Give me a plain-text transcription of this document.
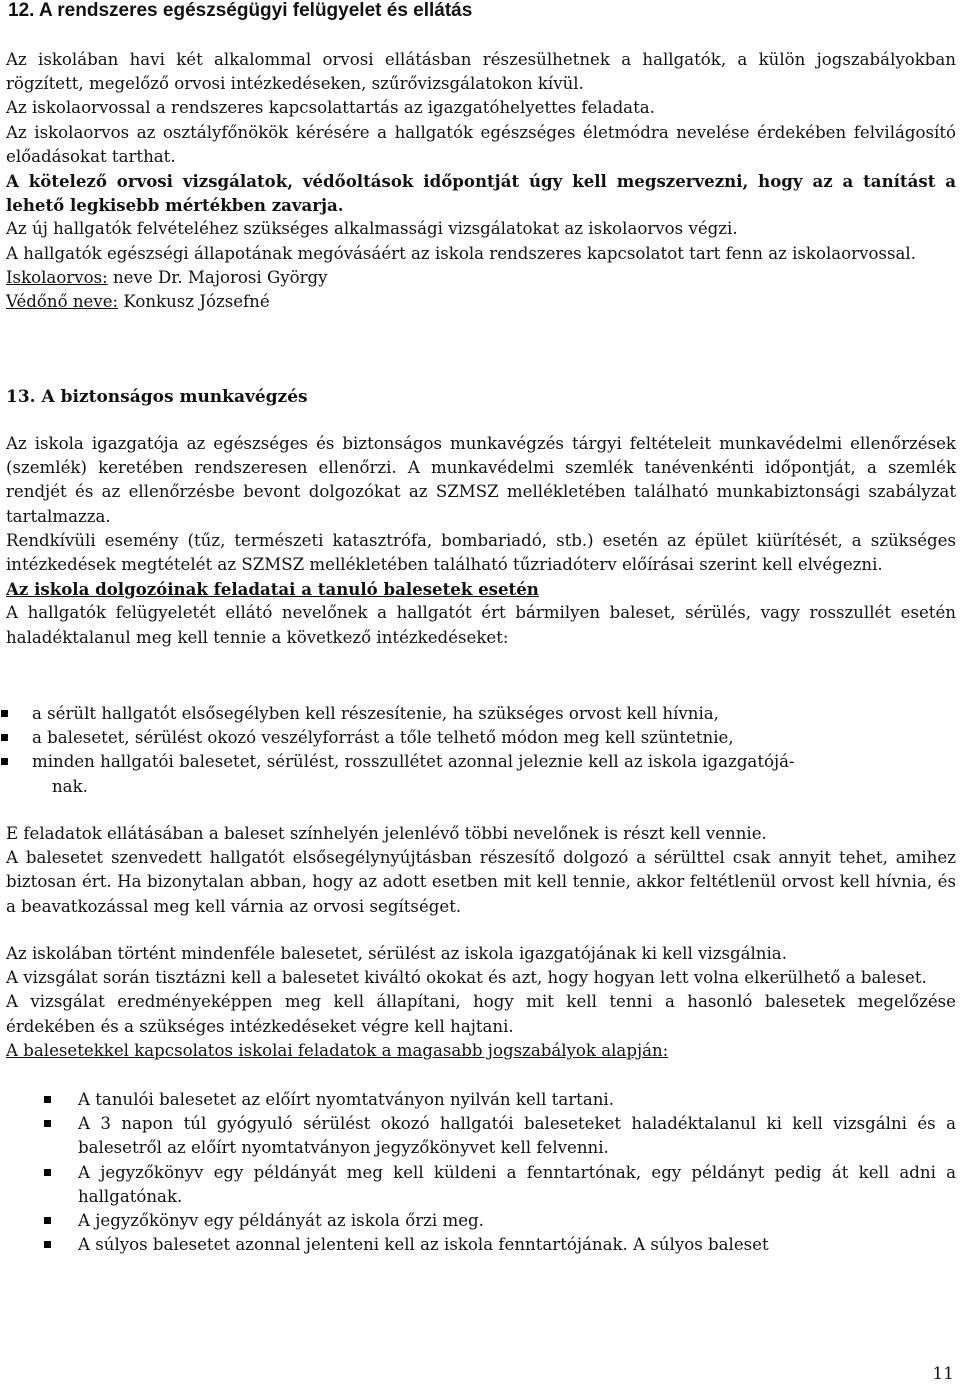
12. A rendszeres egészségügyi felügyelet és ellátás

Az iskolában havi két alkalommal orvosi ellátásban részesülhetnek a hallgatók, a külön jogszabályokban rögzített, megelőző orvosi intézkedéseken, szűrővizsgálatokon kívül.

Az iskolaorvossal a rendszeres kapcsolattartás az igazgatóhelyettes feladata.

Az iskolaorvos az osztályfőnökök kérésére a hallgatók egészséges életmódra nevelése érdekében felvilágosító előadásokat tarthat.

A kötelező orvosi vizsgálatok, védőoltások időpontját úgy kell megszervezni, hogy az a tanítást a lehető legkisebb mértékben zavarja.

Az új hallgatók felvételéhez szükséges alkalmassági vizsgálatokat az iskolaorvos végzi.

A hallgatók egészségi állapotának megóvásáért az iskola rendszeres kapcsolatot tart fenn az iskolaorvossal.

Iskolaorvos: neve Dr. Majorosi György

Védőnő neve: Konkusz Józsefné

13. A biztonságos munkavégzés

Az iskola igazgatója az egészséges és biztonságos munkavégzés tárgyi feltételeit munkavédelmi ellenőrzések (szemlék) keretében rendszeresen ellenőrzi. A munkavédelmi szemlék tanévenkénti időpontját, a szemlék rendjét és az ellenőrzésbe bevont dolgozókat az SZMSZ mellékletében található munkabiztonsági szabályzat tartalmazza.

Rendkívüli esemény (tűz, természeti katasztrófa, bombariadó, stb.) esetén az épület kiürítését, a szükséges intézkedések megtételét az SZMSZ mellékletében található tűzriadóterv előírásai szerint kell elvégezni.

Az iskola dolgozóinak feladatai a tanuló balesetek esetén

A hallgatók felügyeletét ellátó nevelőnek a hallgatót ért bármilyen baleset, sérülés, vagy rosszullét esetén haladéktalanul meg kell tennie a következő intézkedéseket:

a sérült hallgatót elsősegélyben kell részesítenie, ha szükséges orvost kell hívnia,
a balesetet, sérülést okozó veszélyforrást a tőle telhető módon meg kell szüntetnie,
minden hallgatói balesetet, sérülést, rosszullétet azonnal jeleznie kell az iskola igazgatójá-
nak.

E feladatok ellátásában a baleset színhelyén jelenlévő többi nevelőnek is részt kell vennie.

A balesetet szenvedett hallgatót elsősegélynyújtásban részesítő dolgozó a sérülttel csak annyit tehet, amihez biztosan ért. Ha bizonytalan abban, hogy az adott esetben mit kell tennie, akkor feltétlenül orvost kell hívnia, és a beavatkozással meg kell várnia az orvosi segítséget.

Az iskolában történt mindenféle balesetet, sérülést az iskola igazgatójának ki kell vizsgálnia.

A vizsgálat során tisztázni kell a balesetet kiváltó okokat és azt, hogy hogyan lett volna elkerülhető a baleset.

A vizsgálat eredményeképpen meg kell állapítani, hogy mit kell tenni a hasonló balesetek megelőzése érdekében és a szükséges intézkedéseket végre kell hajtani.

A balesetekkel kapcsolatos iskolai feladatok a magasabb jogszabályok alapján:

A tanulói balesetet az előírt nyomtatványon nyilván kell tartani.
A 3 napon túl gyógyuló sérülést okozó hallgatói baleseteket haladéktalanul ki kell vizsgálni és a balesetről az előírt nyomtatványon jegyzőkönyvet kell felvenni.
A jegyzőkönyv egy példányát meg kell küldeni a fenntartónak, egy példányt pedig át kell adni a hallgatónak.
A jegyzőkönyv egy példányát az iskola őrzi meg.
A súlyos balesetet azonnal jelenteni kell az iskola fenntartójának. A súlyos baleset
11
